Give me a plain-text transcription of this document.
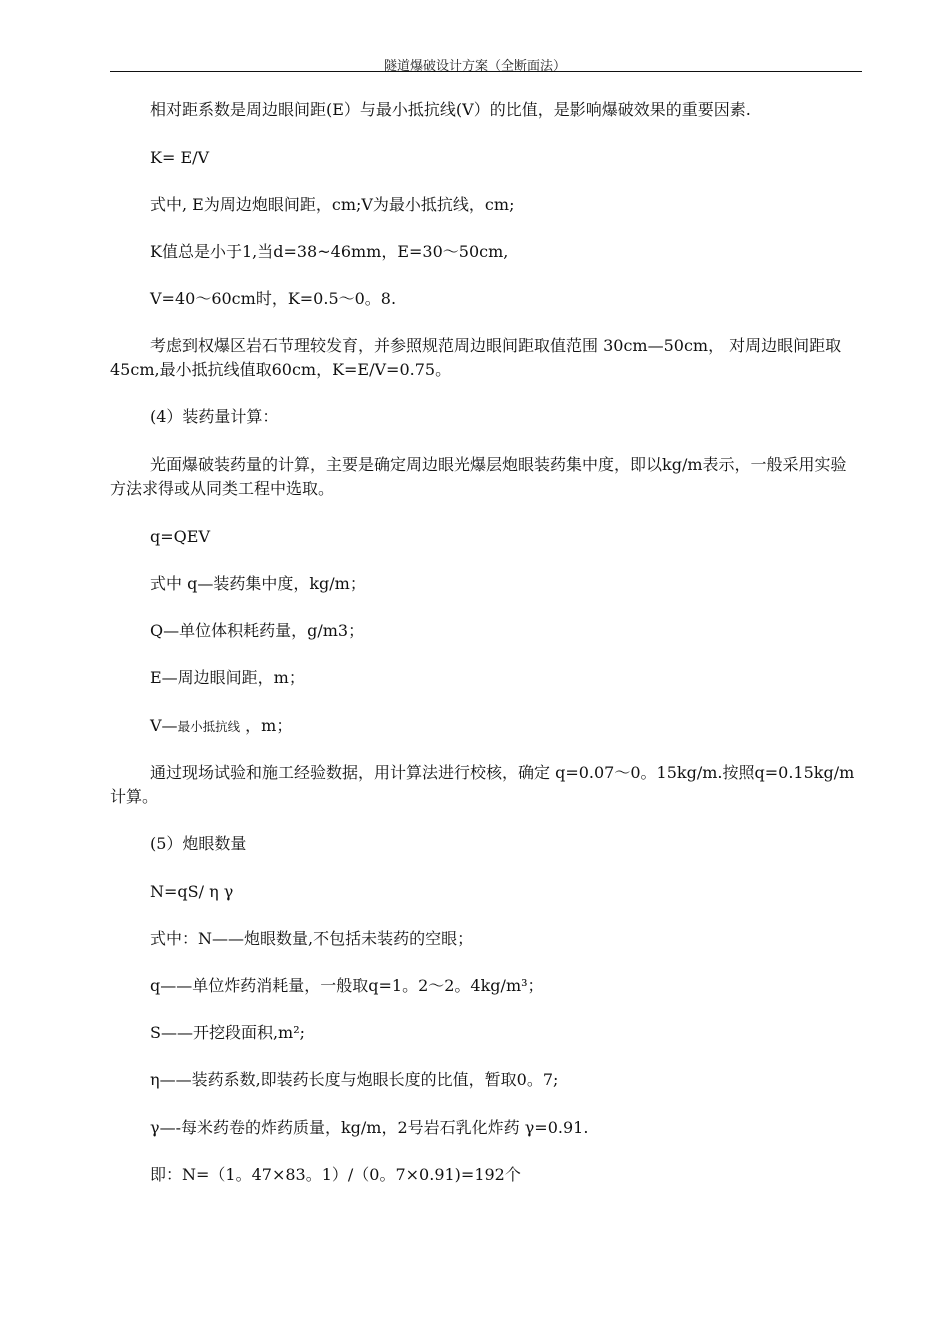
隧道爆破设计方案（全断面法）
相对距系数是周边眼间距(E）与最小抵抗线(V）的比值，是影响爆破效果的重要因素.
K= E/V
式中, E为周边炮眼间距，cm;V为最小抵抗线，cm;
K值总是小于1,当d=38~46mm，E=30～50cm,
V=40～60cm时，K=0.5～0。8.
考虑到权爆区岩石节理较发育，并参照规范周边眼间距取值范围 30cm—50cm， 对周边眼间距取45cm,最小抵抗线值取60cm，K=E/V=0.75。
(4）装药量计算：
光面爆破装药量的计算，主要是确定周边眼光爆层炮眼装药集中度，即以kg/m表示，一般采用实验方法求得或从同类工程中选取。
q=QEV
式中 q—装药集中度，kg/m；
Q—单位体积耗药量，g/m3；
E—周边眼间距，m；
V—最小抵抗线 ，m；
通过现场试验和施工经验数据，用计算法进行校核，确定 q=0.07～0。15kg/m.按照q=0.15kg/m计算。
(5）炮眼数量
N=qS/ η γ
式中：N——炮眼数量,不包括未装药的空眼；
q——单位炸药消耗量，一般取q=1。2～2。4kg/m³；
S——开挖段面积,m²;
η——装药系数,即装药长度与炮眼长度的比值，暂取0。7;
γ—-每米药卷的炸药质量，kg/m，2号岩石乳化炸药 γ=0.91.
即：N=（1。47×83。1）/（0。7×0.91)=192个
